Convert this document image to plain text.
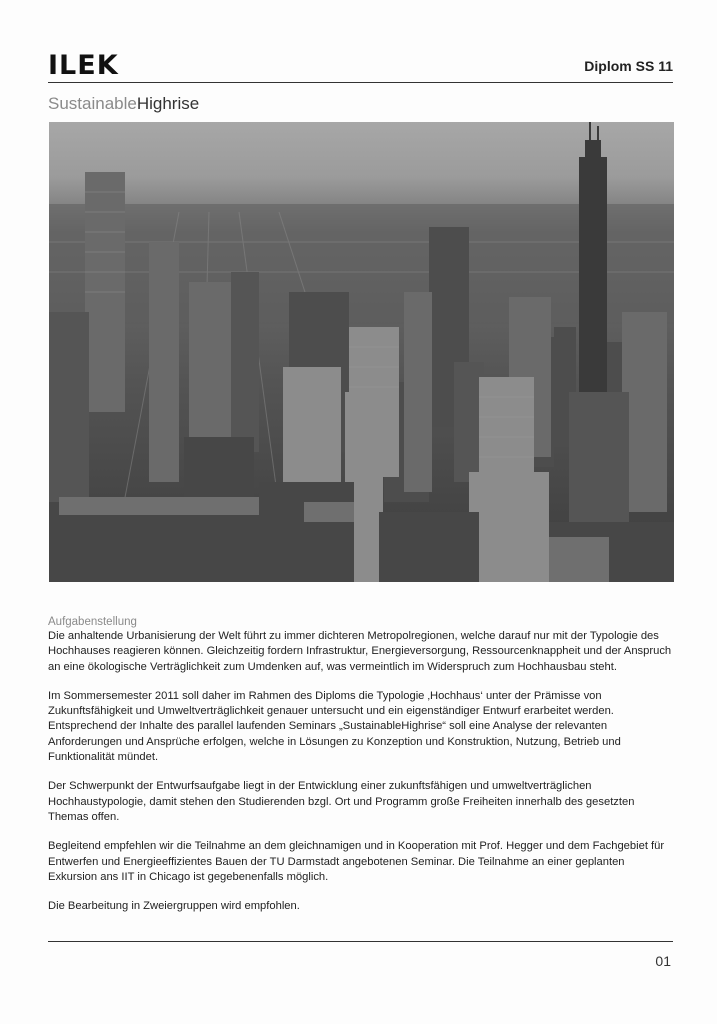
ILEK	Diplom SS 11
SustainableHighrise
Aufgabenstellung

Die anhaltende Urbanisierung der Welt führt zu immer dichteren Metropolregionen, welche darauf nur mit der Typologie des Hochhauses reagieren können. Gleichzeitig fordern Infrastruktur, Energieversorgung, Ressourcenknappheit und der Anspruch an eine ökologische Verträglichkeit zum Umdenken auf, was vermeintlich im Widerspruch zum Hochhausbau steht.

Im Sommersemester 2011 soll daher im Rahmen des Diploms die Typologie ‚Hochhaus‘ unter der Prämisse von Zukunftsfähigkeit und Umweltverträglichkeit genauer untersucht und ein eigenständiger Entwurf erarbeitet werden. Entsprechend der Inhalte des parallel laufenden Seminars „SustainableHighrise“ soll eine Analyse der relevanten Anforderungen und Ansprüche erfolgen, welche in Lösungen zu Konzeption und Konstruktion, Nutzung, Betrieb und Funktionalität mündet.

Der Schwerpunkt der Entwurfsaufgabe liegt in der Entwicklung einer zukunftsfähigen und umweltverträglichen Hochhaustypologie, damit stehen den Studierenden bzgl. Ort und Programm große Freiheiten innerhalb des gesetzten Themas offen.

Begleitend empfehlen wir die Teilnahme an dem gleichnamigen und in Kooperation mit Prof. Hegger und dem Fachgebiet für Entwerfen und Energieeffizientes Bauen der TU Darmstadt angebotenen Seminar. Die Teilnahme an einer geplanten Exkursion ans IIT in Chicago ist gegebenenfalls möglich.

Die Bearbeitung in Zweiergruppen wird empfohlen.

01
